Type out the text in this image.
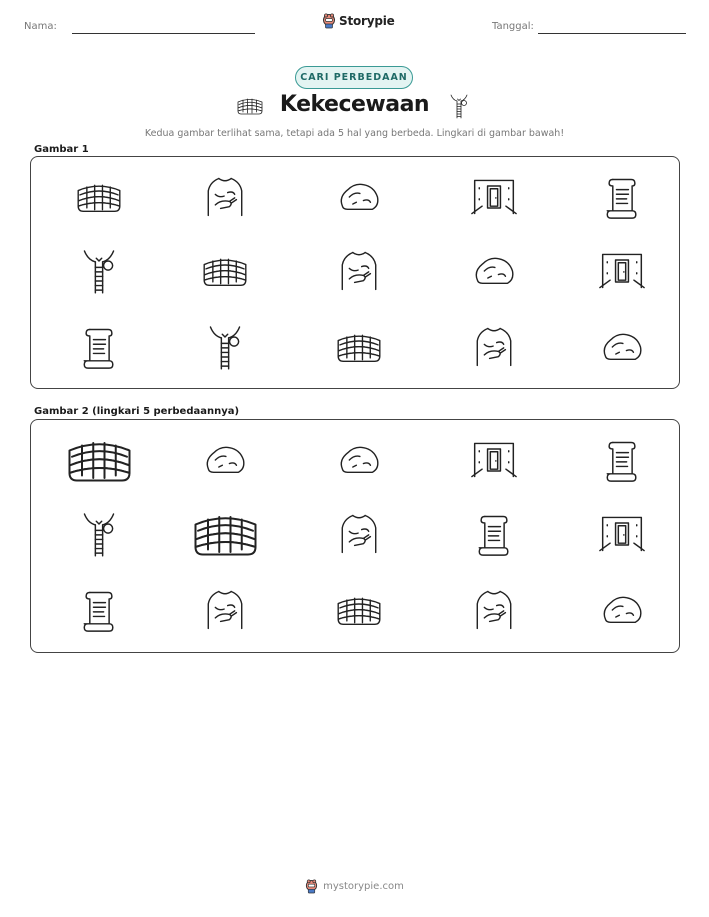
Nama:	Storypie	Tanggal:
CARI PERBEDAAN
Kekecewaan
Kedua gambar terlihat sama, tetapi ada 5 hal yang berbeda. Lingkari di gambar bawah!
Gambar 1
Gambar 2 (lingkari 5 perbedaannya)
mystorypie.com
